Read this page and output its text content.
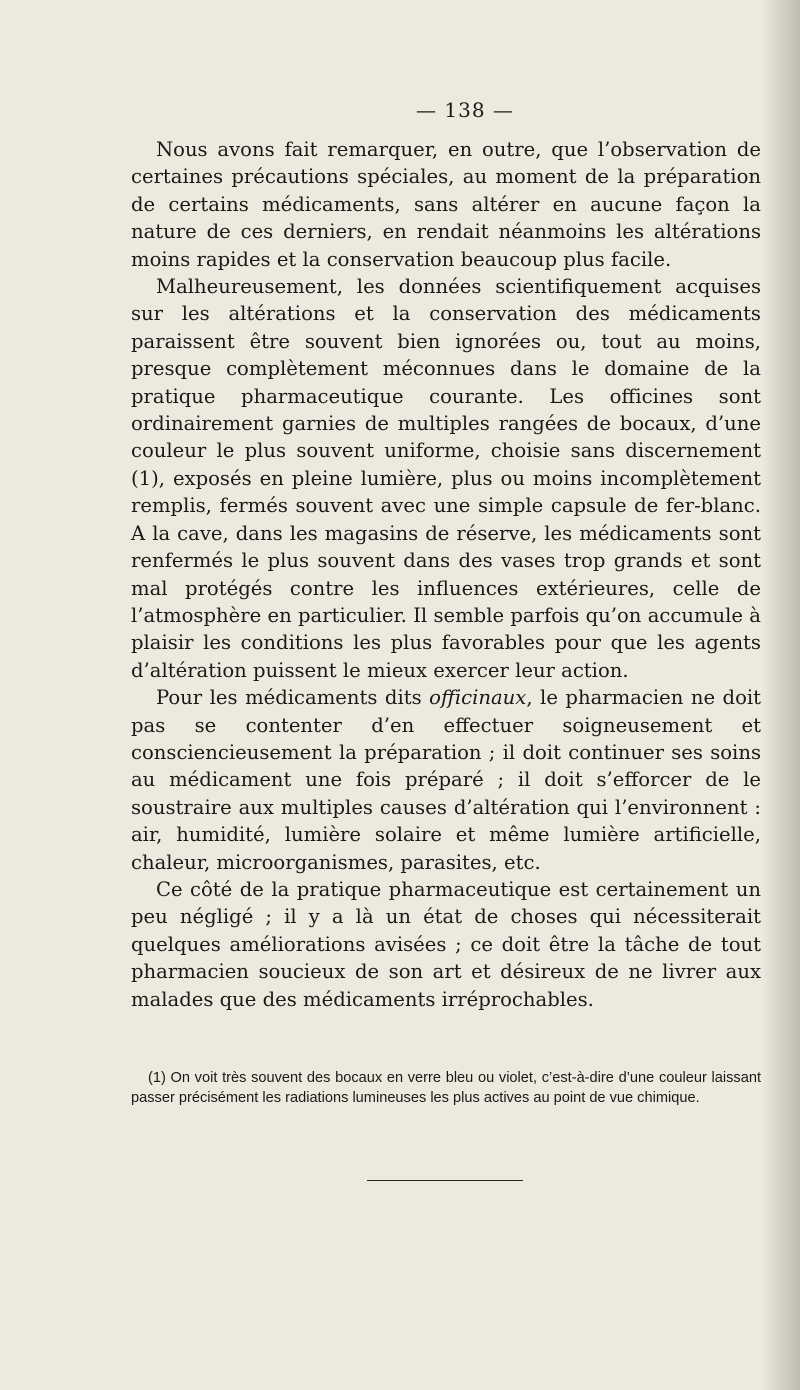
— 138 —

Nous avons fait remarquer, en outre, que l’observation de certaines précautions spéciales, au moment de la préparation de certains médicaments, sans altérer en aucune façon la nature de ces derniers, en rendait néanmoins les altérations moins rapides et la conservation beaucoup plus facile.

Malheureusement, les données scientifiquement acquises sur les altérations et la conservation des médicaments paraissent être souvent bien ignorées ou, tout au moins, presque complètement méconnues dans le domaine de la pratique pharmaceutique courante. Les officines sont ordinairement garnies de multiples rangées de bocaux, d’une couleur le plus souvent uniforme, choisie sans discernement (1), exposés en pleine lumière, plus ou moins incomplètement remplis, fermés souvent avec une simple capsule de fer-blanc. A la cave, dans les magasins de réserve, les médicaments sont renfermés le plus souvent dans des vases trop grands et sont mal protégés contre les influences extérieures, celle de l’atmosphère en particulier. Il semble parfois qu’on accumule à plaisir les conditions les plus favorables pour que les agents d’altération puissent le mieux exercer leur action.

Pour les médicaments dits officinaux, le pharmacien ne doit pas se contenter d’en effectuer soigneusement et consciencieusement la préparation ; il doit continuer ses soins au médicament une fois préparé ; il doit s’efforcer de le soustraire aux multiples causes d’altération qui l’environnent : air, humidité, lumière solaire et même lumière artificielle, chaleur, microorganismes, parasites, etc.

Ce côté de la pratique pharmaceutique est certainement un peu négligé ; il y a là un état de choses qui nécessiterait quelques améliorations avisées ; ce doit être la tâche de tout pharmacien soucieux de son art et désireux de ne livrer aux malades que des médicaments irréprochables.

(1) On voit très souvent des bocaux en verre bleu ou violet, c’est-à-dire d’une couleur laissant passer précisément les radiations lumineuses les plus actives au point de vue chimique.
